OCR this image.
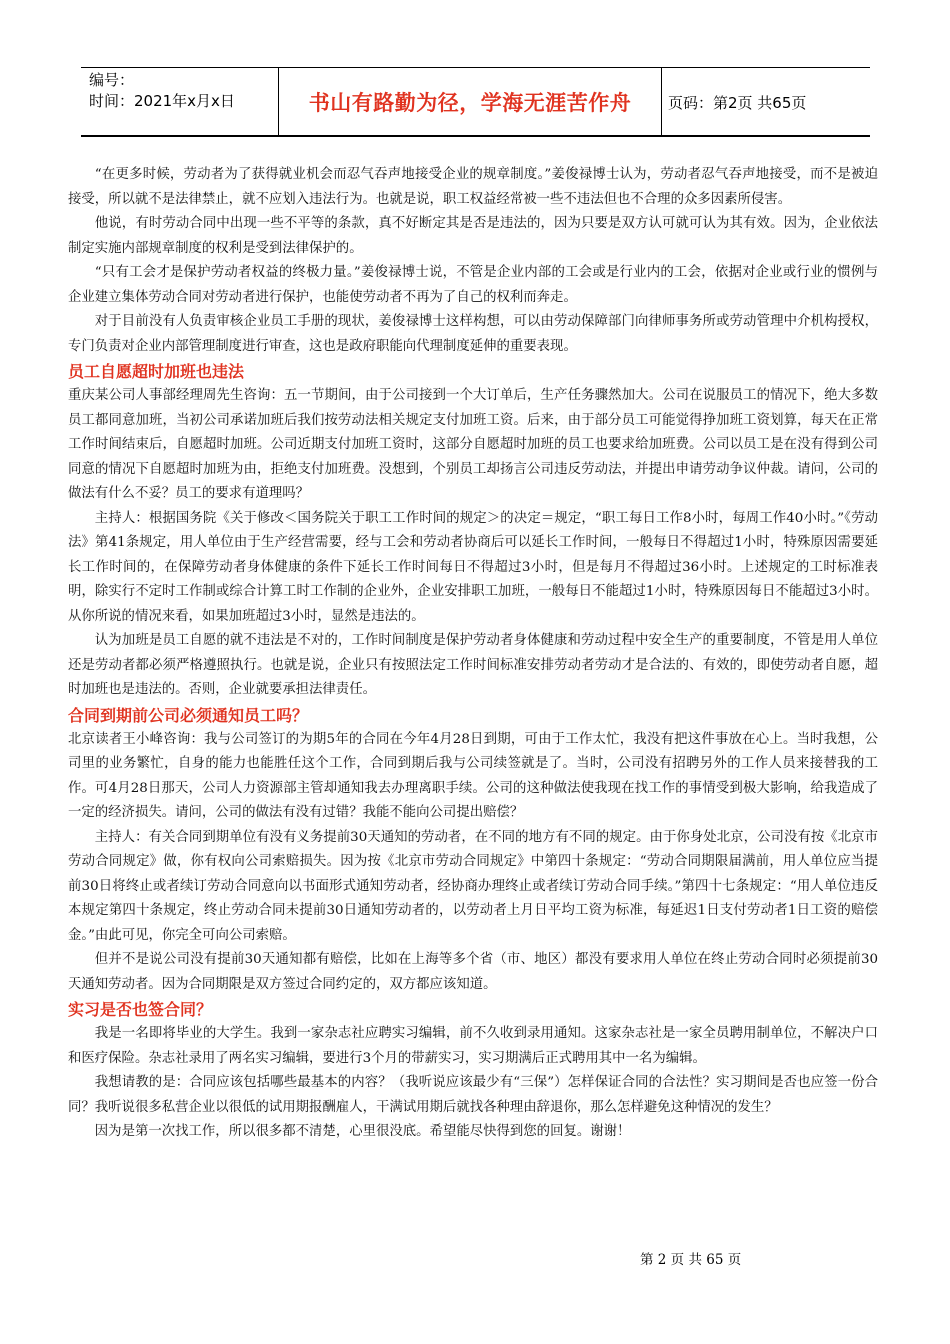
编号：
时间：2021年x月x日	书山有路勤为径，学海无涯苦作舟	页码：第2页 共65页

“在更多时候，劳动者为了获得就业机会而忍气吞声地接受企业的规章制度。”姜俊禄博士认为，劳动者忍气吞声地接受，而不是被迫接受，所以就不是法律禁止，就不应划入违法行为。也就是说，职工权益经常被一些不违法但也不合理的众多因素所侵害。

他说，有时劳动合同中出现一些不平等的条款，真不好断定其是否是违法的，因为只要是双方认可就可认为其有效。因为，企业依法制定实施内部规章制度的权利是受到法律保护的。

“只有工会才是保护劳动者权益的终极力量。”姜俊禄博士说，不管是企业内部的工会或是行业内的工会，依据对企业或行业的惯例与企业建立集体劳动合同对劳动者进行保护，也能使劳动者不再为了自己的权利而奔走。

对于目前没有人负责审核企业员工手册的现状，姜俊禄博士这样构想，可以由劳动保障部门向律师事务所或劳动管理中介机构授权，专门负责对企业内部管理制度进行审查，这也是政府职能向代理制度延伸的重要表现。

员工自愿超时加班也违法

重庆某公司人事部经理周先生咨询：五一节期间，由于公司接到一个大订单后，生产任务骤然加大。公司在说服员工的情况下，绝大多数员工都同意加班，当初公司承诺加班后我们按劳动法相关规定支付加班工资。后来，由于部分员工可能觉得挣加班工资划算，每天在正常工作时间结束后，自愿超时加班。公司近期支付加班工资时，这部分自愿超时加班的员工也要求给加班费。公司以员工是在没有得到公司同意的情况下自愿超时加班为由，拒绝支付加班费。没想到，个别员工却扬言公司违反劳动法，并提出申请劳动争议仲裁。请问，公司的做法有什么不妥？员工的要求有道理吗？

主持人：根据国务院《关于修改＜国务院关于职工工作时间的规定＞的决定＝规定，“职工每日工作8小时，每周工作40小时。”《劳动法》第41条规定，用人单位由于生产经营需要，经与工会和劳动者协商后可以延长工作时间，一般每日不得超过1小时，特殊原因需要延长工作时间的，在保障劳动者身体健康的条件下延长工作时间每日不得超过3小时，但是每月不得超过36小时。上述规定的工时标准表明，除实行不定时工作制或综合计算工时工作制的企业外，企业安排职工加班，一般每日不能超过1小时，特殊原因每日不能超过3小时。从你所说的情况来看，如果加班超过3小时，显然是违法的。

认为加班是员工自愿的就不违法是不对的，工作时间制度是保护劳动者身体健康和劳动过程中安全生产的重要制度，不管是用人单位还是劳动者都必须严格遵照执行。也就是说，企业只有按照法定工作时间标准安排劳动者劳动才是合法的、有效的，即使劳动者自愿，超时加班也是违法的。否则，企业就要承担法律责任。

合同到期前公司必须通知员工吗？

北京读者王小峰咨询：我与公司签订的为期5年的合同在今年4月28日到期，可由于工作太忙，我没有把这件事放在心上。当时我想，公司里的业务繁忙，自身的能力也能胜任这个工作，合同到期后我与公司续签就是了。当时，公司没有招聘另外的工作人员来接替我的工作。可4月28日那天，公司人力资源部主管却通知我去办理离职手续。公司的这种做法使我现在找工作的事情受到极大影响，给我造成了一定的经济损失。请问，公司的做法有没有过错？我能不能向公司提出赔偿？

主持人：有关合同到期单位有没有义务提前30天通知的劳动者，在不同的地方有不同的规定。由于你身处北京，公司没有按《北京市劳动合同规定》做，你有权向公司索赔损失。因为按《北京市劳动合同规定》中第四十条规定：“劳动合同期限届满前，用人单位应当提前30日将终止或者续订劳动合同意向以书面形式通知劳动者，经协商办理终止或者续订劳动合同手续。”第四十七条规定：“用人单位违反本规定第四十条规定，终止劳动合同未提前30日通知劳动者的，以劳动者上月日平均工资为标准，每延迟1日支付劳动者1日工资的赔偿金。”由此可见，你完全可向公司索赔。

但并不是说公司没有提前30天通知都有赔偿，比如在上海等多个省（市、地区）都没有要求用人单位在终止劳动合同时必须提前30天通知劳动者。因为合同期限是双方签过合同约定的，双方都应该知道。

实习是否也签合同？

我是一名即将毕业的大学生。我到一家杂志社应聘实习编辑，前不久收到录用通知。这家杂志社是一家全员聘用制单位，不解决户口和医疗保险。杂志社录用了两名实习编辑，要进行3个月的带薪实习，实习期满后正式聘用其中一名为编辑。

我想请教的是：合同应该包括哪些最基本的内容？（我听说应该最少有“三保”）怎样保证合同的合法性？实习期间是否也应签一份合同？我听说很多私营企业以很低的试用期报酬雇人，干满试用期后就找各种理由辞退你，那么怎样避免这种情况的发生？

因为是第一次找工作，所以很多都不清楚，心里很没底。希望能尽快得到您的回复。谢谢！

第 2 页 共 65 页
